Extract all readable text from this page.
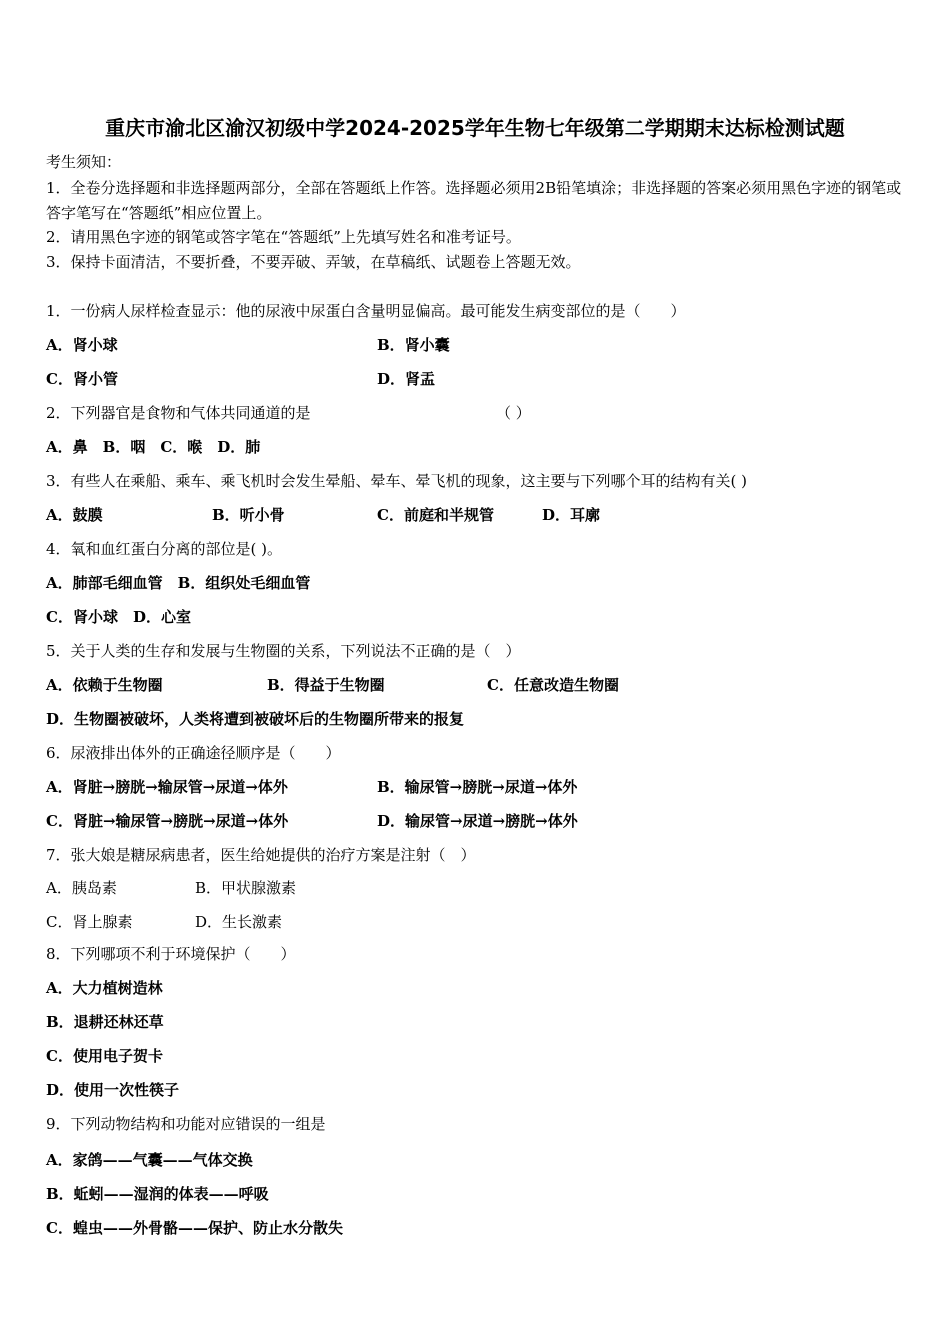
重庆市渝北区渝汉初级中学2024-2025学年生物七年级第二学期期末达标检测试题
考生须知：
1．全卷分选择题和非选择题两部分，全部在答题纸上作答。选择题必须用2B铅笔填涂；非选择题的答案必须用黑色字迹的钢笔或答字笔写在“答题纸”相应位置上。
2．请用黑色字迹的钢笔或答字笔在“答题纸”上先填写姓名和准考证号。
3．保持卡面清洁，不要折叠，不要弄破、弄皱，在草稿纸、试题卷上答题无效。
1．一份病人尿样检查显示：他的尿液中尿蛋白含量明显偏高。最可能发生病变部位的是（　　）
A．肾小球	B．肾小囊
C．肾小管	D．肾盂
2．下列器官是食物和气体共同通道的是	（ ）
A．鼻　B．咽　C．喉　D．肺
3．有些人在乘船、乘车、乘飞机时会发生晕船、晕车、晕飞机的现象，这主要与下列哪个耳的结构有关( )
A．鼓膜	B．听小骨	C．前庭和半规管	D．耳廓
4．氧和血红蛋白分离的部位是( )。
A．肺部毛细血管　B．组织处毛细血管
C．肾小球　D．心室
5．关于人类的生存和发展与生物圈的关系，下列说法不正确的是（　）
A．依赖于生物圈	B．得益于生物圈	C．任意改造生物圈
D．生物圈被破坏，人类将遭到被破坏后的生物圈所带来的报复
6．尿液排出体外的正确途径顺序是（　　）
A．肾脏→膀胱→输尿管→尿道→体外	B．输尿管→膀胱→尿道→体外
C．肾脏→输尿管→膀胱→尿道→体外	D．输尿管→尿道→膀胱→体外
7．张大娘是糖尿病患者，医生给她提供的治疗方案是注射（　）
A．胰岛素	B．甲状腺激素
C．肾上腺素	D．生长激素
8．下列哪项不利于环境保护（　　）
A．大力植树造林
B．退耕还林还草
C．使用电子贺卡
D．使用一次性筷子
9．下列动物结构和功能对应错误的一组是
A．家鸽——气囊——气体交换
B．蚯蚓——湿润的体表——呼吸
C．蝗虫——外骨骼——保护、防止水分散失
